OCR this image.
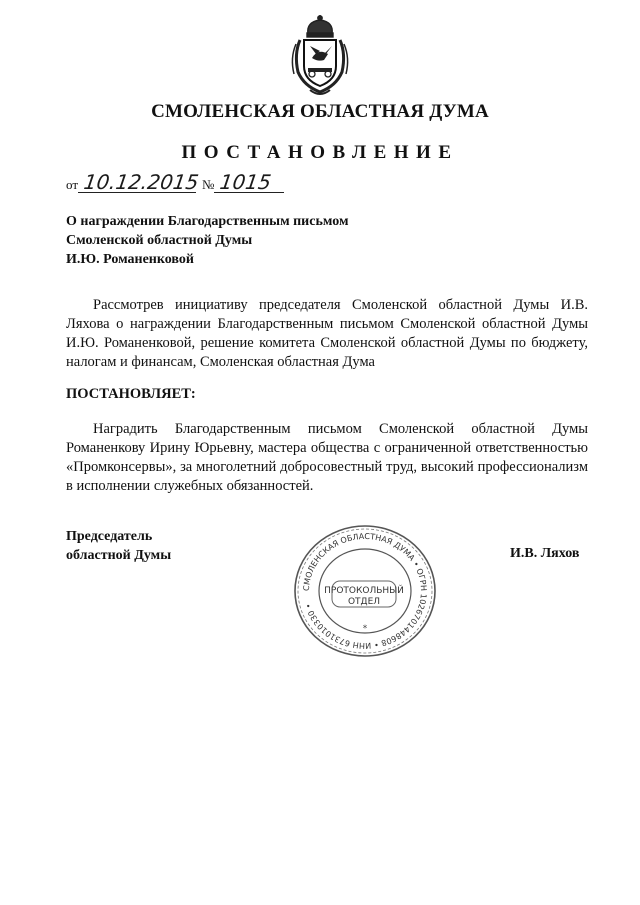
СМОЛЕНСКАЯ ОБЛАСТНАЯ ДУМА
ПОСТАНОВЛЕНИЕ
от 10.12.2015 № 1015
О награждении Благодарственным письмом
Смоленской областной Думы
И.Ю. Романенковой
Рассмотрев инициативу председателя Смоленской областной Думы И.В. Ляхова о награждении Благодарственным письмом Смоленской областной Думы И.Ю. Романенковой, решение комитета Смоленской областной Думы по бюджету, налогам и финансам, Смоленская областная Дума
ПОСТАНОВЛЯЕТ:
Наградить Благодарственным письмом Смоленской областной Думы Романенкову Ирину Юрьевну, мастера общества с ограниченной ответственностью «Промконсервы», за многолетний добросовестный труд, высокий профессионализм в исполнении служебных обязанностей.
Председатель
областной Думы	И.В. Ляхов
СМОЛЕНСКАЯ ОБЛАСТНАЯ ДУМА • ОГРН 1026701448608 • ИНН 6731010330 •
ПРОТОКОЛЬНЫЙ
ОТДЕЛ
*
